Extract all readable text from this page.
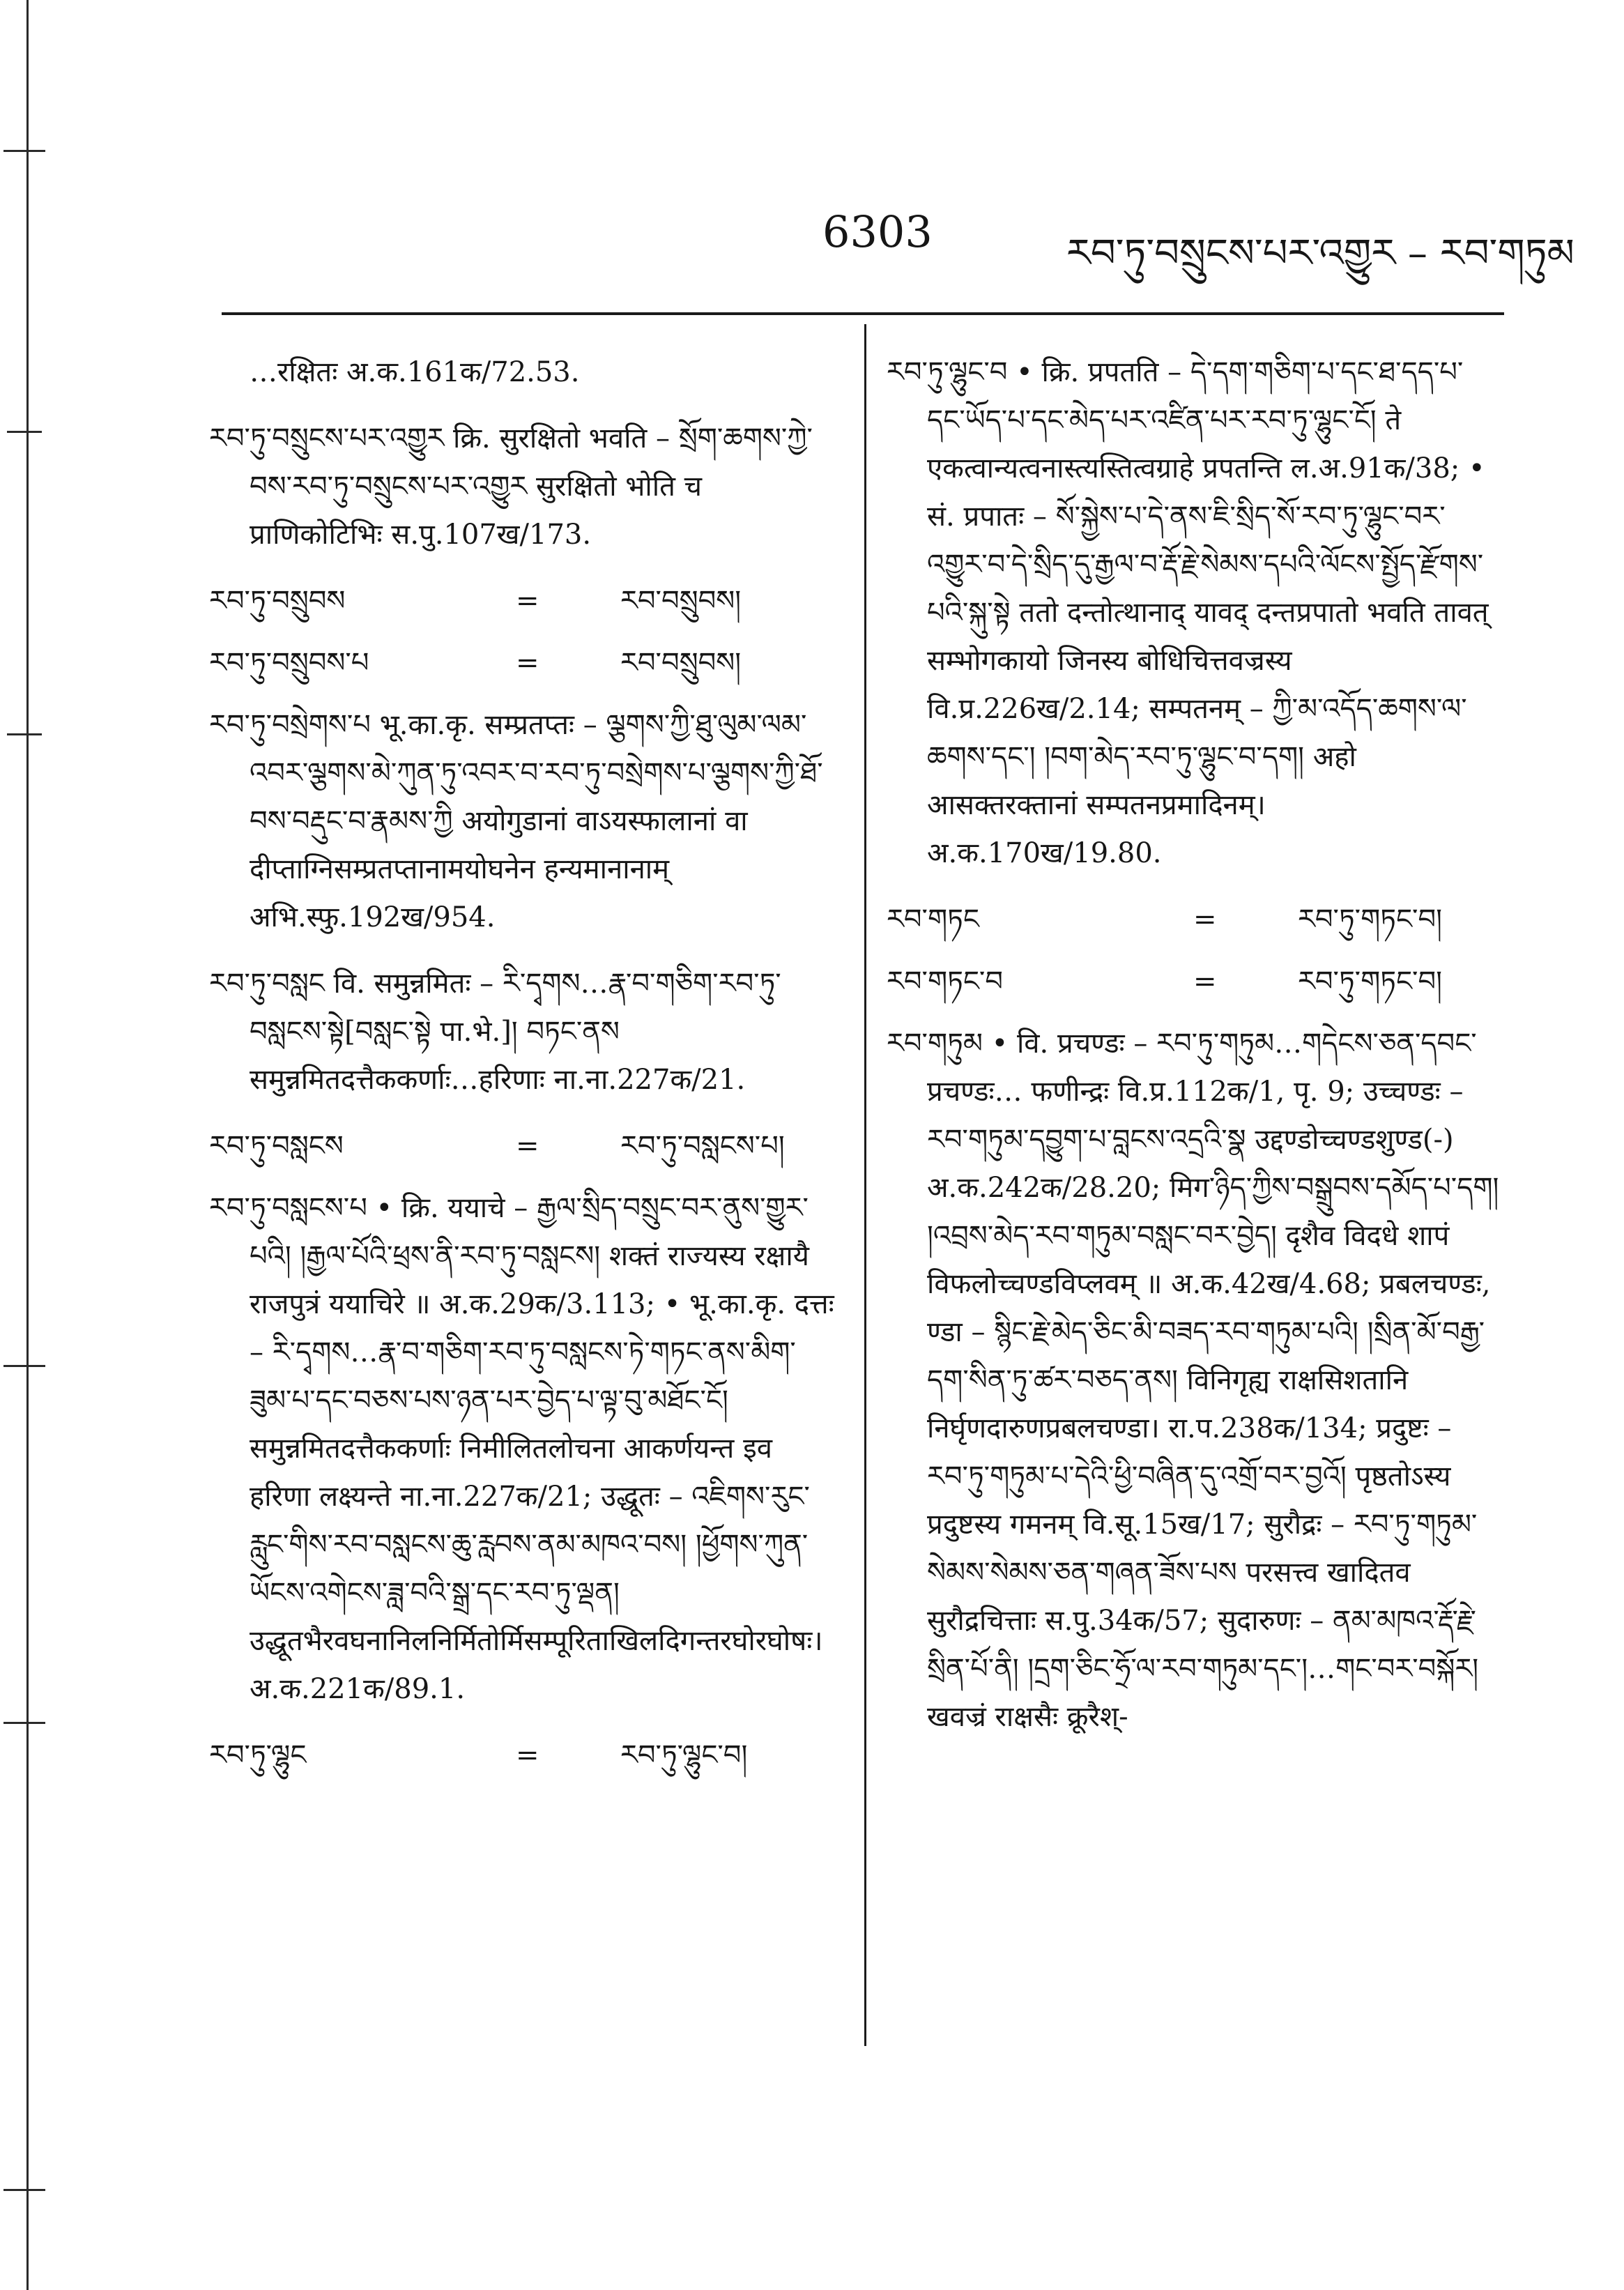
6303	རབ་ཏུ་བསྲུངས་པར་འགྱུར – རབ་གཏུམ

…रक्षितः अ.क.161क/72.53.

རབ་ཏུ་བསྲུངས་པར་འགྱུར क्रि. सुरक्षितो भवति – སྲོག་ཆགས་ཀྱེ་བས་རབ་ཏུ་བསྲུངས་པར་འགྱུར सुरक्षितो भोति च प्राणिकोटिभिः स.पु.107ख/173.

རབ་ཏུ་བསྲུབས	=	རབ་བསྲུབས།
རབ་ཏུ་བསྲུབས་པ	=	རབ་བསྲུབས།

རབ་ཏུ་བསྲེགས་པ भू.का.कृ. सम्प्रतप्तः – ལྕགས་ཀྱི་ཐུ་ལུམ་ལམ་འབར་ལྕགས་མེ་ཀུན་ཏུ་འབར་བ་རབ་ཏུ་བསྲེགས་པ་ལྕགས་ཀྱི་ཐོ་བས་བརྡུང་བ་རྣམས་ཀྱི अयोगुडानां वाऽयस्फालानां वा दीप्ताग्निसम्प्रतप्तानामयोघनेन हन्यमानानाम् अभि.स्फु.192ख/954.

རབ་ཏུ་བསླང वि. समुन्नमितः – རི་དྭགས…རྣ་བ་གཅིག་རབ་ཏུ་བསླངས་སྟེ[བསླང་སྟེ पा.भे.]། བཏང་ནས समुन्नमितदत्तैककर्णाः…हरिणाः ना.ना.227क/21.

རབ་ཏུ་བསླངས	=	རབ་ཏུ་བསླངས་པ།

རབ་ཏུ་བསླངས་པ • क्रि. ययाचे – རྒྱལ་སྲིད་བསྲུང་བར་ནུས་གྱུར་པའི། །རྒྱལ་པོའི་ཕྲས་ནི་རབ་ཏུ་བསླངས། शक्तं राज्यस्य रक्षायै राजपुत्रं ययाचिरे ॥ अ.क.29क/3.113; • भू.का.कृ. दत्तः – རི་དྭགས…རྣ་བ་གཅིག་རབ་ཏུ་བསླངས་ཏེ་གཏང་ནས་མིག་ཟུམ་པ་དང་བཅས་པས་ཉན་པར་བྱེད་པ་ལྟ་བུ་མཐོང་ངོ། समुन्नमितदत्तैककर्णाः निमीलितलोचना आकर्णयन्त इव हरिणा लक्ष्यन्ते ना.ना.227क/21; उद्धूतः – འཇིགས་རུང་རླུང་གིས་རབ་བསླངས་ཆུ་རླབས་ནམ་མཁའ་བས། །ཕྱོགས་ཀུན་ཡོངས་འགེངས་ཟླ་བའི་སྒྲ་དང་རབ་ཏུ་ལྡན། उद्धूतभैरवघनानिलनिर्मितोर्मिसम्पूरिताखिलदिगन्तरघोरघोषः। अ.क.221क/89.1.

རབ་ཏུ་ལྷུང	=	རབ་ཏུ་ལྷུང་བ།

རབ་ཏུ་ལྷུང་བ • क्रि. प्रपतति – དེ་དག་གཅིག་པ་དང་ཐ་དད་པ་དང་ཡོད་པ་དང་མེད་པར་འཛིན་པར་རབ་ཏུ་ལྷུང་ངོ། ते एकत्वान्यत्वनास्त्यस्तित्वग्राहे प्रपतन्ति ल.अ.91क/38; • सं. प्रपातः – སོ་སྐྱེས་པ་དེ་ནས་ཇི་སྲིད་སོ་རབ་ཏུ་ལྷུང་བར་འགྱུར་བ་དེ་སྲིད་དུ་རྒྱལ་བ་རྡོ་རྗེ་སེམས་དཔའི་ལོངས་སྤྱོད་རྫོགས་པའི་སྐུ་སྟེ ततो दन्तोत्थानाद् यावद् दन्तप्रपातो भवति तावत् सम्भोगकायो जिनस्य बोधिचित्तवज्रस्य वि.प्र.226ख/2.14; सम्पतनम् – ཀྱི་མ་འདོད་ཆགས་ལ་ཆགས་དང་། །བག་མེད་རབ་ཏུ་ལྷུང་བ་དག། अहो आसक्तरक्तानां सम्पतनप्रमादिनम्। अ.क.170ख/19.80.

རབ་གཏང	=	རབ་ཏུ་གཏང་བ།
རབ་གཏང་བ	=	རབ་ཏུ་གཏང་བ།

རབ་གཏུམ • वि. प्रचण्डः – རབ་ཏུ་གཏུམ…གདེངས་ཅན་དབང་ प्रचण्डः… फणीन्द्रः वि.प्र.112क/1, पृ. 9; उच्चण्डः – རབ་གཏུམ་དབྱུག་པ་བླངས་འདྲའི་སྣ उद्दण्डोच्चण्डशुण्ड(-) अ.क.242क/28.20; मिग་ཉིད་ཀྱིས་བསྒྲུབས་དམོད་པ་དག། །འབྲས་མེད་རབ་གཏུམ་བསླང་བར་བྱེད། दृशैव विदधे शापं विफलोच्चण्डविप्लवम् ॥ अ.क.42ख/4.68; प्रबलचण्डः, ण्डा – སྙིང་རྗེ་མེད་ཅིང་མི་བཟད་རབ་གཏུམ་པའི། །སྲིན་མོ་བརྒྱ་དག་སིན་ཏུ་ཚར་བཅད་ནས། विनिगृह्य राक्षसिशतानि निर्घृणदारुणप्रबलचण्डा। रा.प.238क/134; प्रदुष्टः – རབ་ཏུ་གཏུམ་པ་དེའི་ཕྱི་བཞིན་དུ་འགྲོ་བར་བྱའོ། पृष्ठतोऽस्य प्रदुष्टस्य गमनम् वि.सू.15ख/17; सुरौद्रः – རབ་ཏུ་གཏུམ་སེམས་སེམས་ཅན་གཞན་ཟོས་པས परसत्त्व खादितव सुरौद्रचित्ताः स.पु.34क/57; सुदारुणः – ནམ་མཁའ་རྡོ་རྗེ་སྲིན་པོ་ནི། །དྲག་ཅིང་ཧྲོ་ལ་རབ་གཏུམ་དང་།…གང་བར་བསྐོར། खवज्रं राक्षसैः क्रूरैश्-
